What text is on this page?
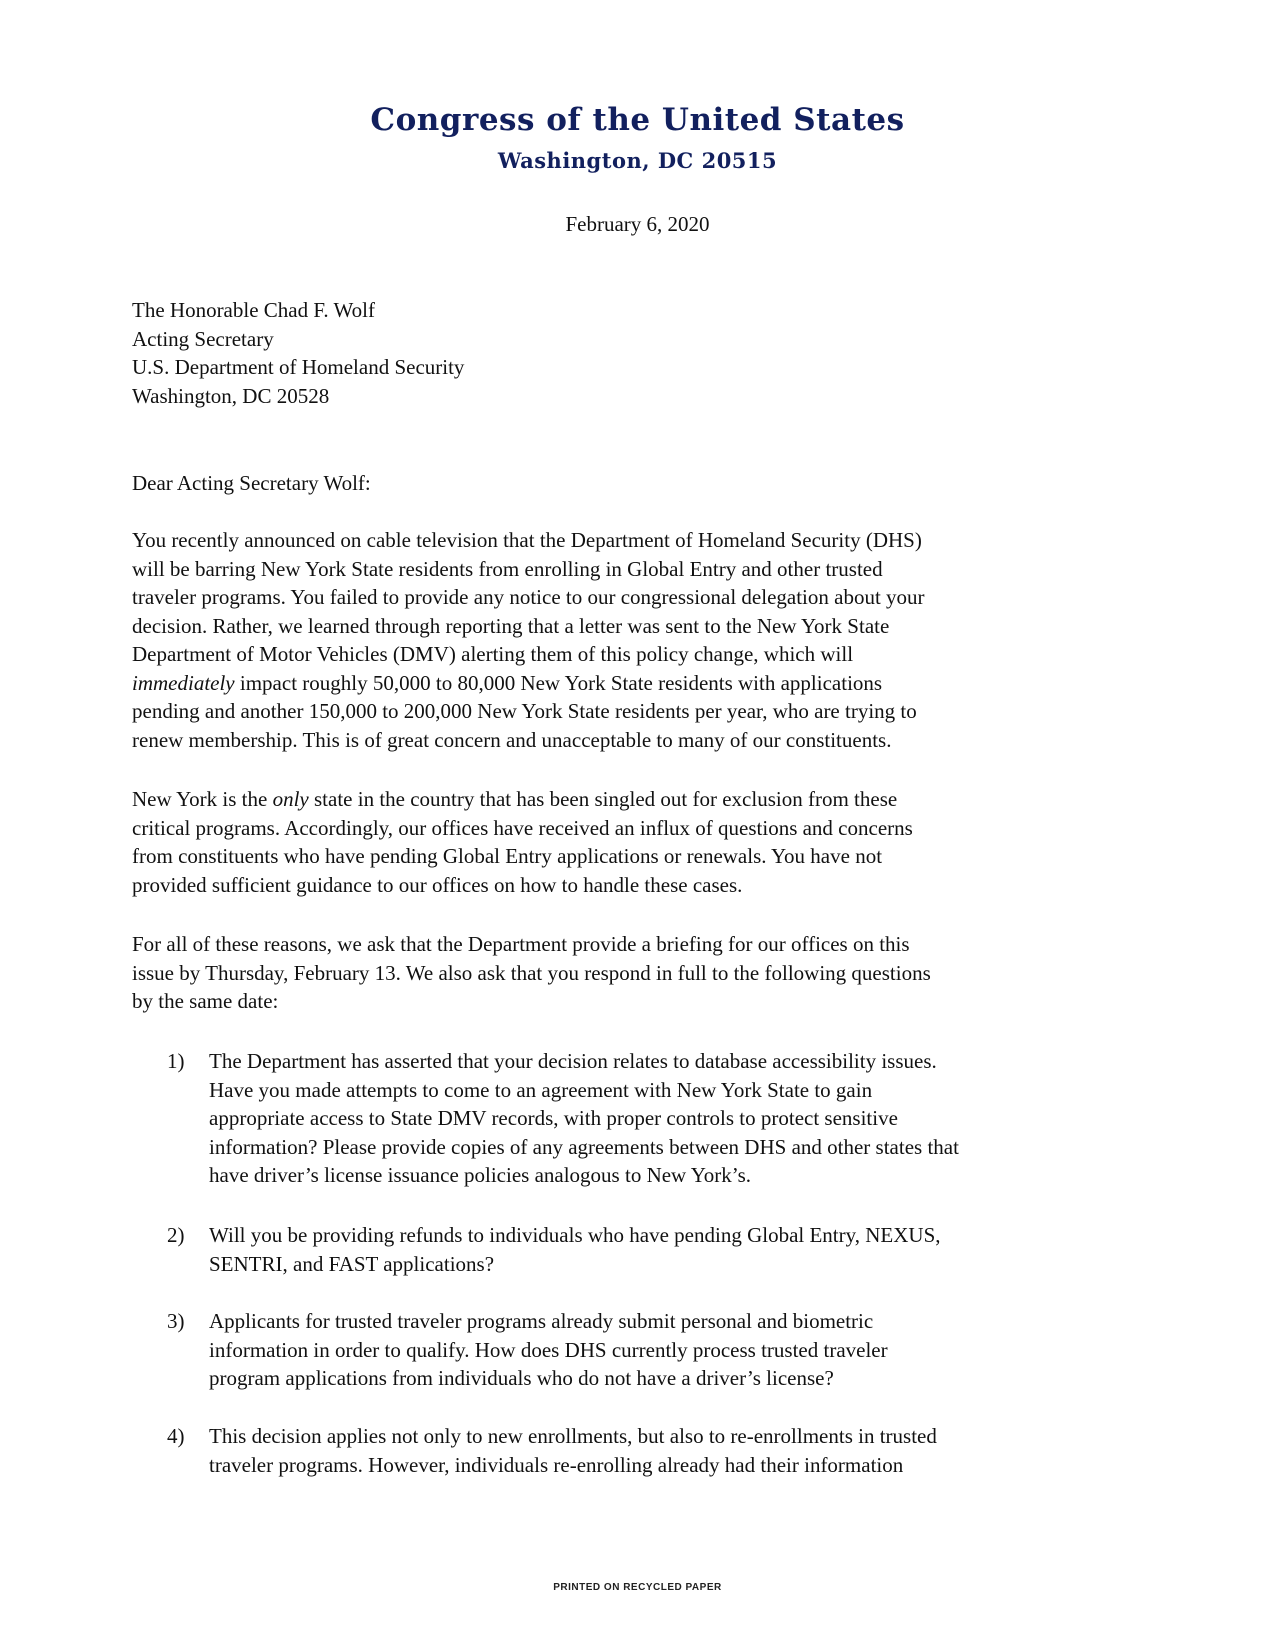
Congress of the United States
Washington, DC 20515
February 6, 2020
The Honorable Chad F. Wolf
Acting Secretary
U.S. Department of Homeland Security
Washington, DC 20528
Dear Acting Secretary Wolf:
You recently announced on cable television that the Department of Homeland Security (DHS)
will be barring New York State residents from enrolling in Global Entry and other trusted
traveler programs. You failed to provide any notice to our congressional delegation about your
decision. Rather, we learned through reporting that a letter was sent to the New York State
Department of Motor Vehicles (DMV) alerting them of this policy change, which will
immediately impact roughly 50,000 to 80,000 New York State residents with applications
pending and another 150,000 to 200,000 New York State residents per year, who are trying to
renew membership. This is of great concern and unacceptable to many of our constituents.
New York is the only state in the country that has been singled out for exclusion from these
critical programs. Accordingly, our offices have received an influx of questions and concerns
from constituents who have pending Global Entry applications or renewals. You have not
provided sufficient guidance to our offices on how to handle these cases.
For all of these reasons, we ask that the Department provide a briefing for our offices on this
issue by Thursday, February 13. We also ask that you respond in full to the following questions
by the same date:
1) The Department has asserted that your decision relates to database accessibility issues.
Have you made attempts to come to an agreement with New York State to gain
appropriate access to State DMV records, with proper controls to protect sensitive
information? Please provide copies of any agreements between DHS and other states that
have driver’s license issuance policies analogous to New York’s.
2) Will you be providing refunds to individuals who have pending Global Entry, NEXUS,
SENTRI, and FAST applications?
3) Applicants for trusted traveler programs already submit personal and biometric
information in order to qualify. How does DHS currently process trusted traveler
program applications from individuals who do not have a driver’s license?
4) This decision applies not only to new enrollments, but also to re-enrollments in trusted
traveler programs. However, individuals re-enrolling already had their information
PRINTED ON RECYCLED PAPER
